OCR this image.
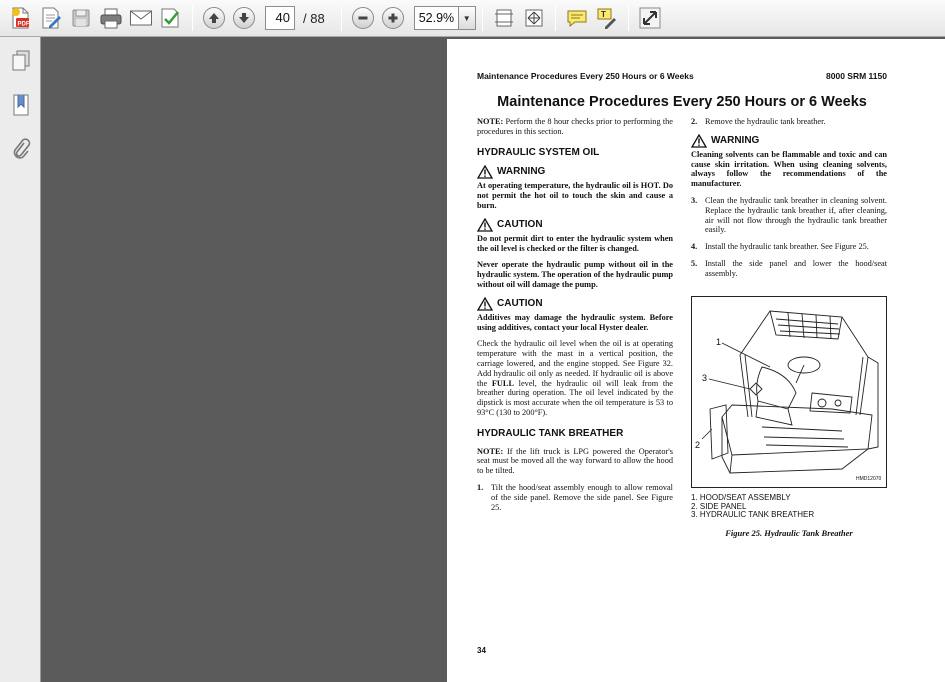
PDF	40	/ 88	52.9%	▼	T
Maintenance Procedures Every 250 Hours or 6 Weeks	8000 SRM 1150
Maintenance Procedures Every 250 Hours or 6 Weeks

NOTE: Perform the 8 hour checks prior to performing the procedures in this section.

HYDRAULIC SYSTEM OIL
WARNING
At operating temperature, the hydraulic oil is HOT. Do not permit the hot oil to touch the skin and cause a burn.
CAUTION
Do not permit dirt to enter the hydraulic system when the oil level is checked or the filter is changed.
Never operate the hydraulic pump without oil in the hydraulic system. The operation of the hydraulic pump without oil will damage the pump.
CAUTION
Additives may damage the hydraulic system. Before using additives, contact your local Hyster dealer.

Check the hydraulic oil level when the oil is at operating temperature with the mast in a vertical position, the carriage lowered, and the engine stopped. See Figure 32. Add hydraulic oil only as needed. If hydraulic oil is above the FULL level, the hydraulic oil will leak from the breather during operation. The oil level indicated by the dipstick is most accurate when the oil temperature is 53 to 93°C (130 to 200°F).

HYDRAULIC TANK BREATHER

NOTE: If the lift truck is LPG powered the Operator's seat must be moved all the way forward to allow the hood to be tilted.

1. Tilt the hood/seat assembly enough to allow removal of the side panel. Remove the side panel. See Figure 25.
2. Remove the hydraulic tank breather.
WARNING
Cleaning solvents can be flammable and toxic and can cause skin irritation. When using cleaning solvents, always follow the recommendations of the manufacturer.
3. Clean the hydraulic tank breather in cleaning solvent. Replace the hydraulic tank breather if, after cleaning, air will not flow through the hydraulic tank breather easily.
4. Install the hydraulic tank breather. See Figure 25.
5. Install the side panel and lower the hood/seat assembly.
1
3
2
HMD12070
1. HOOD/SEAT ASSEMBLY
2. SIDE PANEL
3. HYDRAULIC TANK BREATHER
Figure 25. Hydraulic Tank Breather
34
